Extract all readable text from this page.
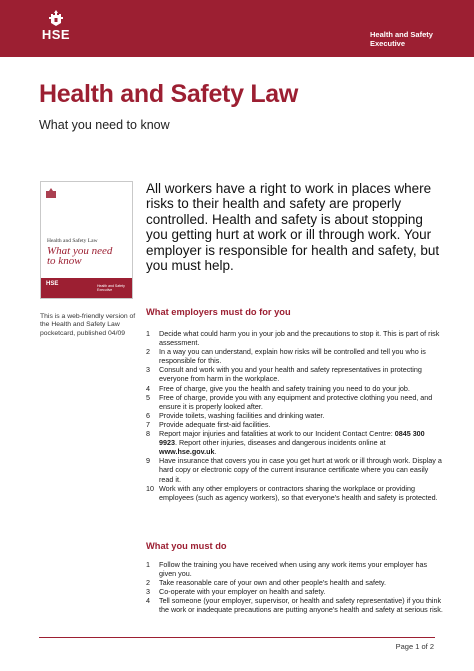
HSE	Health and Safety
Executive
Health and Safety Law
What you need to know
Health and Safety Law
What you need
to know
HSE	Health and Safety
Executive

All workers have a right to work in places where risks to their health and safety are properly controlled. Health and safety is about stopping you getting hurt at work or ill through work. Your employer is responsible for health and safety, but you must help.

This is a web-friendly version of the Health and Safety Law pocketcard, published 04/09

What employers must do for you
1 Decide what could harm you in your job and the precautions to stop it. This is part of risk assessment.
2 In a way you can understand, explain how risks will be controlled and tell you who is responsible for this.
3 Consult and work with you and your health and safety representatives in protecting everyone from harm in the workplace.
4 Free of charge, give you the health and safety training you need to do your job.
5 Free of charge, provide you with any equipment and protective clothing you need, and ensure it is properly looked after.
6 Provide toilets, washing facilities and drinking water.
7 Provide adequate first-aid facilities.
8 Report major injuries and fatalities at work to our Incident Contact Centre: 0845 300 9923. Report other injuries, diseases and dangerous incidents online at www.hse.gov.uk.
9 Have insurance that covers you in case you get hurt at work or ill through work. Display a hard copy or electronic copy of the current insurance certificate where you can easily read it.
10 Work with any other employers or contractors sharing the workplace or providing employees (such as agency workers), so that everyone's health and safety is protected.
What you must do
1 Follow the training you have received when using any work items your employer has given you.
2 Take reasonable care of your own and other people's health and safety.
3 Co-operate with your employer on health and safety.
4 Tell someone (your employer, supervisor, or health and safety representative) if you think the work or inadequate precautions are putting anyone's health and safety at serious risk.
Page 1 of 2
